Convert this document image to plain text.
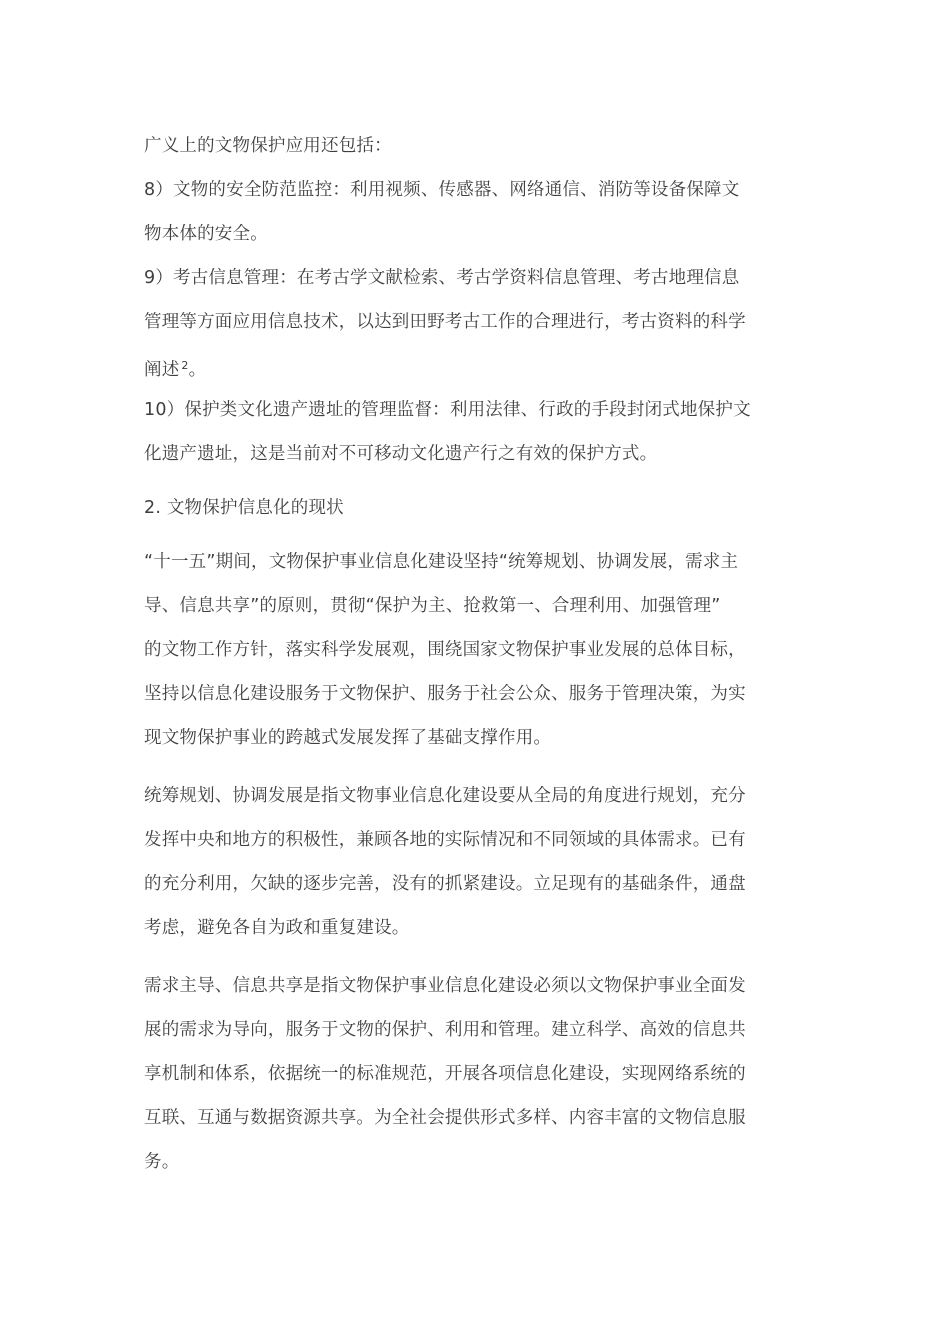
广义上的文物保护应用还包括：
8）文物的安全防范监控：利用视频、传感器、网络通信、消防等设备保障文
物本体的安全。
9）考古信息管理：在考古学文献检索、考古学资料信息管理、考古地理信息
管理等方面应用信息技术，以达到田野考古工作的合理进行，考古资料的科学
阐述 $^2$。
10）保护类文化遗产遗址的管理监督：利用法律、行政的手段封闭式地保护文
化遗产遗址，这是当前对不可移动文化遗产行之有效的保护方式。
2. 文物保护信息化的现状
“十一五”期间，文物保护事业信息化建设坚持“统筹规划、协调发展，需求主
导、信息共享”的原则，贯彻“保护为主、抢救第一、合理利用、加强管理”
的文物工作方针，落实科学发展观，围绕国家文物保护事业发展的总体目标，
坚持以信息化建设服务于文物保护、服务于社会公众、服务于管理决策，为实
现文物保护事业的跨越式发展发挥了基础支撑作用。
统筹规划、协调发展是指文物事业信息化建设要从全局的角度进行规划，充分
发挥中央和地方的积极性，兼顾各地的实际情况和不同领域的具体需求。已有
的充分利用，欠缺的逐步完善，没有的抓紧建设。立足现有的基础条件，通盘
考虑，避免各自为政和重复建设。
需求主导、信息共享是指文物保护事业信息化建设必须以文物保护事业全面发
展的需求为导向，服务于文物的保护、利用和管理。建立科学、高效的信息共
享机制和体系，依据统一的标准规范，开展各项信息化建设，实现网络系统的
互联、互通与数据资源共享。为全社会提供形式多样、内容丰富的文物信息服
务。
